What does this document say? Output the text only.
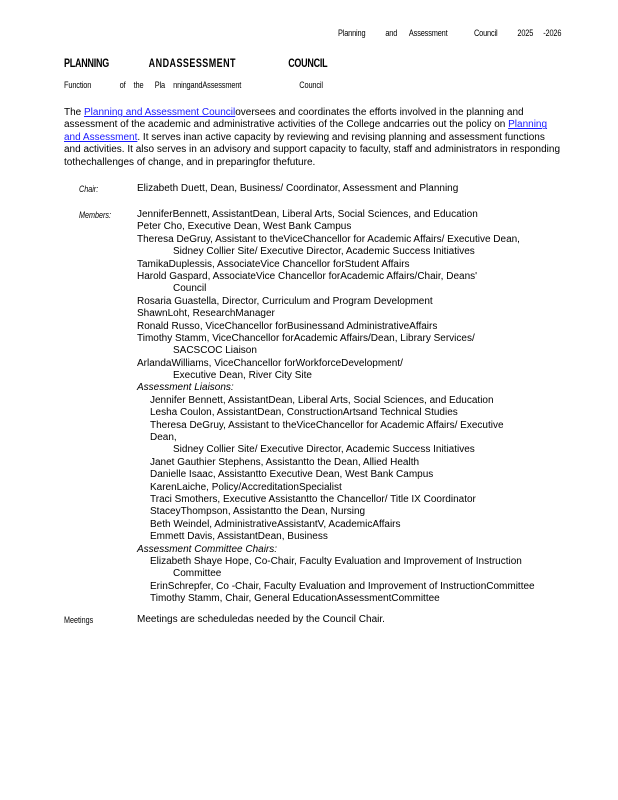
Planning and Assessment	Council 2025 -2026
PLANNING	ANDASSESSMENT	COUNCIL
Function	of the Pla nningandAssessment	Council
The Planning and Assessment Counciloversees and coordinates the efforts involved in the planning and assessment of the academic and administrative activities of the College andcarries out the policy on Planning and Assessment. It serves inan active capacity by reviewing and revising planning and assessment functions and activities. It also serves in an advisory and support capacity to faculty, staff and administrators in responding tothechallenges of change, and in preparingfor thefuture.
Chair:	Elizabeth Duett, Dean, Business/ Coordinator, Assessment and Planning
Members:	JenniferBennett, AssistantDean, Liberal Arts, Social Sciences, and Education
Peter Cho, Executive Dean, West Bank Campus
Theresa DeGruy, Assistant to theViceChancellor for Academic Affairs/ Executive Dean,
Sidney Collier Site/ Executive Director, Academic Success Initiatives
TamikaDuplessis, AssociateVice Chancellor forStudent Affairs
Harold Gaspard, AssociateVice Chancellor forAcademic Affairs/Chair, Deans'
Council
Rosaria Guastella, Director, Curriculum and Program Development
ShawnLoht, ResearchManager
Ronald Russo, ViceChancellor forBusinessand AdministrativeAffairs
Timothy Stamm, ViceChancellor forAcademic Affairs/Dean, Library Services/
SACSCOC Liaison
ArlandaWilliams, ViceChancellor forWorkforceDevelopment/
Executive Dean, River City Site
Assessment Liaisons:
Jennifer Bennett, AssistantDean, Liberal Arts, Social Sciences, and Education
Lesha Coulon, AssistantDean, ConstructionArtsand Technical Studies
Theresa DeGruy, Assistant to theViceChancellor for Academic Affairs/ Executive
Dean,
Sidney Collier Site/ Executive Director, Academic Success Initiatives
Janet Gauthier Stephens, Assistantto the Dean, Allied Health
Danielle Isaac, Assistantto Executive Dean, West Bank Campus
KarenLaiche, Policy/AccreditationSpecialist
Traci Smothers, Executive Assistantto the Chancellor/ Title IX Coordinator
StaceyThompson, Assistantto the Dean, Nursing
Beth Weindel, AdministrativeAssistantV, AcademicAffairs
Emmett Davis, AssistantDean, Business
Assessment Committee Chairs:
Elizabeth Shaye Hope, Co-Chair, Faculty Evaluation and Improvement of Instruction
Committee
ErinSchrepfer, Co -Chair, Faculty Evaluation and Improvement of InstructionCommittee
Timothy Stamm, Chair, General EducationAssessmentCommittee
Meetings	Meetings are scheduledas needed by the Council Chair.
